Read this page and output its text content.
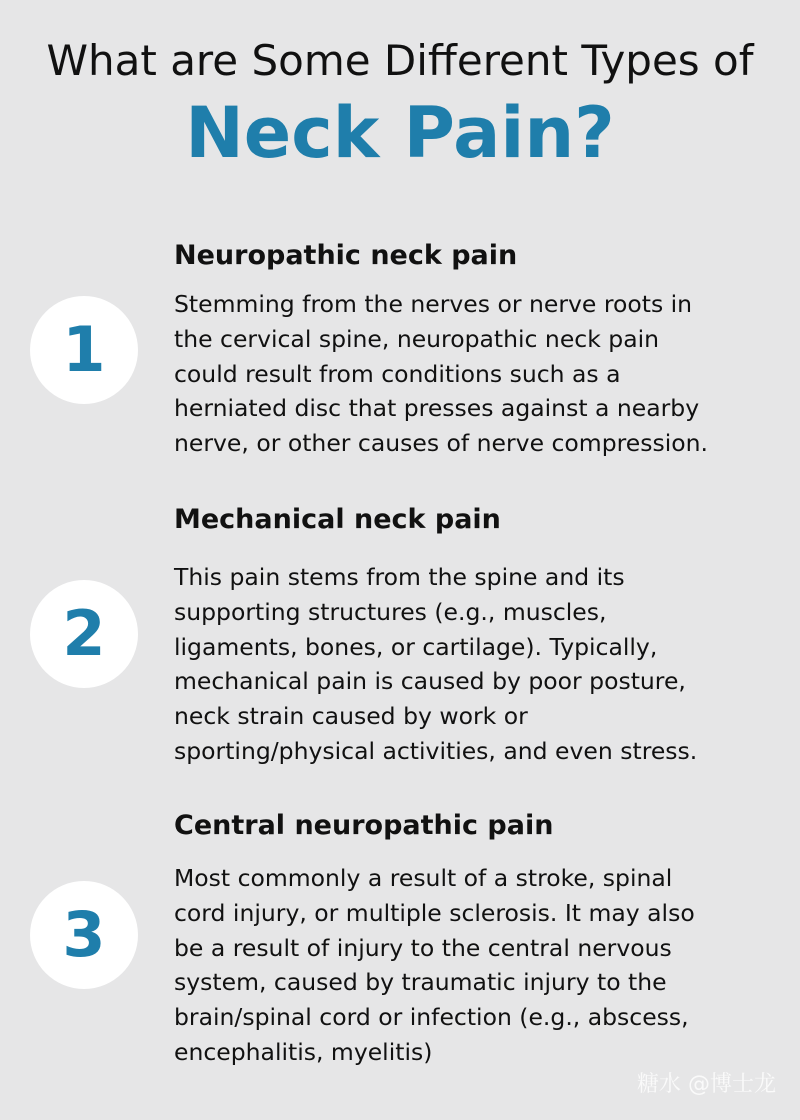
What are Some Different Types of
Neck Pain?
1
Neuropathic neck pain
Stemming from the nerves or nerve roots in
the cervical spine, neuropathic neck pain
could result from conditions such as a
herniated disc that presses against a nearby
nerve, or other causes of nerve compression.
2
Mechanical neck pain
This pain stems from the spine and its
supporting structures (e.g., muscles,
ligaments, bones, or cartilage). Typically,
mechanical pain is caused by poor posture,
neck strain caused by work or
sporting/physical activities, and even stress.
3
Central neuropathic pain
Most commonly a result of a stroke, spinal
cord injury, or multiple sclerosis. It may also
be a result of injury to the central nervous
system, caused by traumatic injury to the
brain/spinal cord or infection (e.g., abscess,
encephalitis, myelitis)
糖水 @博士龙
